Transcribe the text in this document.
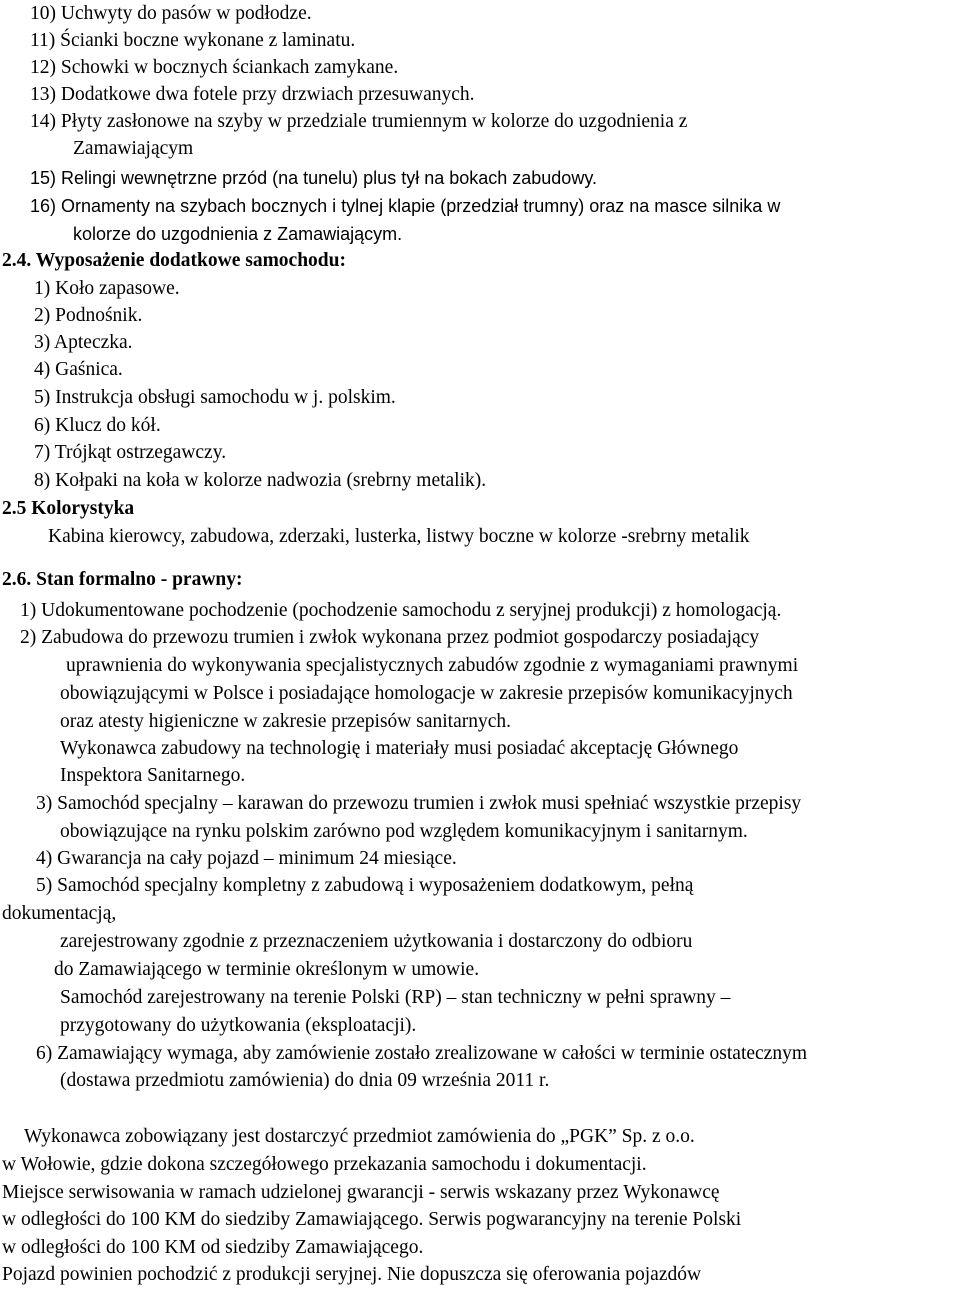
10) Uchwyty do pasów w podłodze.

11) Ścianki boczne wykonane z laminatu.

12) Schowki w bocznych ściankach zamykane.

13) Dodatkowe dwa fotele przy drzwiach przesuwanych.

14) Płyty zasłonowe na szyby w przedziale trumiennym w kolorze do uzgodnienia z

Zamawiającym

15) Relingi wewnętrzne przód (na tunelu) plus tył na bokach zabudowy.

16) Ornamenty na szybach bocznych i tylnej klapie (przedział trumny) oraz na masce silnika w

kolorze do uzgodnienia z Zamawiającym.

2.4. Wyposażenie dodatkowe samochodu:

1) Koło zapasowe.

2) Podnośnik.

3) Apteczka.

4) Gaśnica.

5) Instrukcja obsługi samochodu w j. polskim.

6) Klucz do kół.

7) Trójkąt ostrzegawczy.

8) Kołpaki na koła w kolorze nadwozia (srebrny metalik).

2.5 Kolorystyka

Kabina kierowcy, zabudowa, zderzaki, lusterka, listwy boczne w kolorze -srebrny metalik

2.6. Stan formalno - prawny:

1) Udokumentowane pochodzenie (pochodzenie samochodu z seryjnej produkcji) z homologacją.

2) Zabudowa do przewozu trumien i zwłok wykonana przez podmiot gospodarczy posiadający

uprawnienia do wykonywania specjalistycznych zabudów zgodnie z wymaganiami prawnymi

obowiązującymi w Polsce i posiadające homologacje w zakresie przepisów komunikacyjnych

oraz atesty higieniczne w zakresie przepisów sanitarnych.

Wykonawca zabudowy na technologię i materiały musi posiadać akceptację Głównego

Inspektora Sanitarnego.

3) Samochód specjalny – karawan do przewozu trumien i zwłok musi spełniać wszystkie przepisy

obowiązujące na rynku polskim zarówno pod względem komunikacyjnym i sanitarnym.

4) Gwarancja na cały pojazd – minimum 24 miesiące.

5) Samochód specjalny kompletny z zabudową i wyposażeniem dodatkowym, pełną

dokumentacją,

zarejestrowany zgodnie z przeznaczeniem użytkowania i dostarczony do odbioru

do Zamawiającego w terminie określonym w umowie.

Samochód zarejestrowany na terenie Polski (RP) – stan techniczny w pełni sprawny –

przygotowany do użytkowania (eksploatacji).

6) Zamawiający wymaga, aby zamówienie zostało zrealizowane w całości w terminie ostatecznym

(dostawa przedmiotu zamówienia) do dnia 09 września 2011 r.

Wykonawca zobowiązany jest dostarczyć przedmiot zamówienia do „PGK” Sp. z o.o.

w Wołowie, gdzie dokona szczegółowego przekazania samochodu i dokumentacji.

Miejsce serwisowania w ramach udzielonej gwarancji - serwis wskazany przez Wykonawcę

w odległości do 100 KM do siedziby Zamawiającego. Serwis pogwarancyjny na terenie Polski

w odległości do 100 KM od siedziby Zamawiającego.

Pojazd powinien pochodzić z produkcji seryjnej. Nie dopuszcza się oferowania pojazdów
